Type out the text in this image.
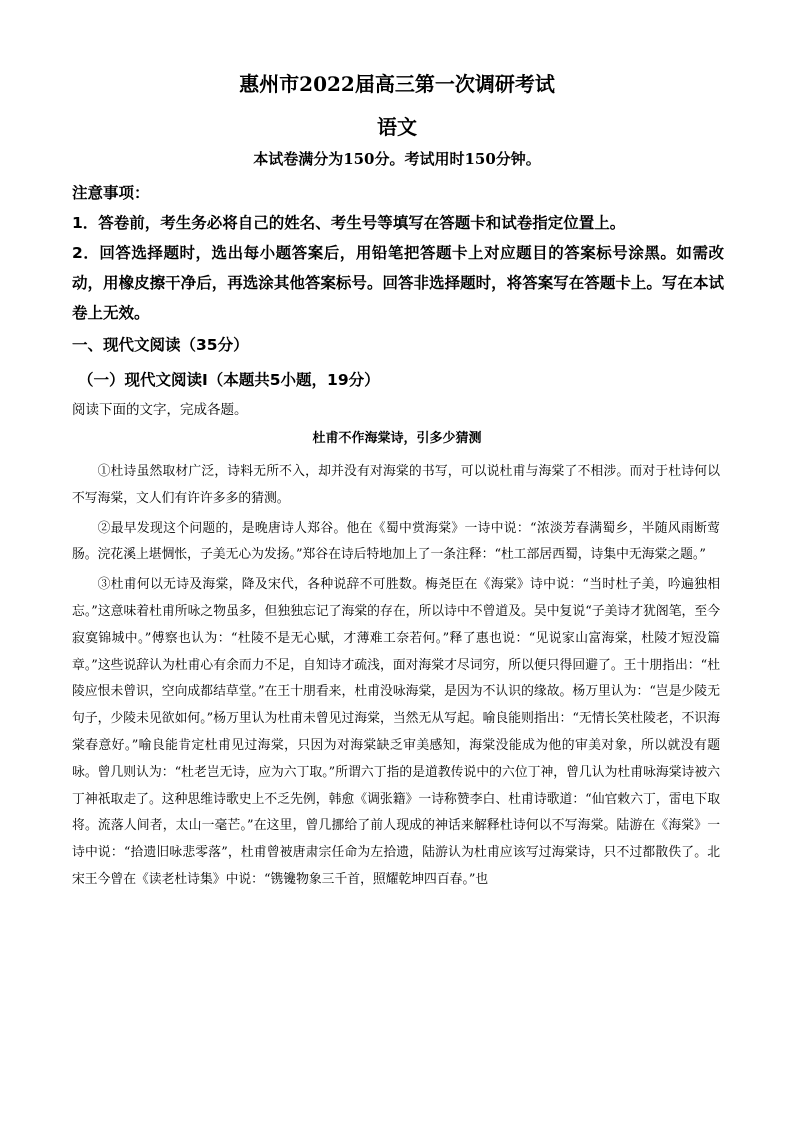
惠州市2022届高三第一次调研考试
语文
本试卷满分为150分。考试用时150分钟。
注意事项：
1．答卷前，考生务必将自己的姓名、考生号等填写在答题卡和试卷指定位置上。
2．回答选择题时，选出每小题答案后，用铅笔把答题卡上对应题目的答案标号涂黑。如需改动，用橡皮擦干净后，再选涂其他答案标号。回答非选择题时，将答案写在答题卡上。写在本试卷上无效。
一、现代文阅读（35分）
（一）现代文阅读Ⅰ（本题共5小题，19分）
阅读下面的文字，完成各题。
杜甫不作海棠诗，引多少猜测

①杜诗虽然取材广泛，诗料无所不入，却并没有对海棠的书写，可以说杜甫与海棠了不相涉。而对于杜诗何以不写海棠，文人们有许许多多的猜测。

②最早发现这个问题的，是晚唐诗人郑谷。他在《蜀中赏海棠》一诗中说：“浓淡芳春满蜀乡，半随风雨断莺肠。浣花溪上堪惆怅，子美无心为发扬。”郑谷在诗后特地加上了一条注释：“杜工部居西蜀，诗集中无海棠之题。”

③杜甫何以无诗及海棠，降及宋代，各种说辞不可胜数。梅尧臣在《海棠》诗中说：“当时杜子美，吟遍独相忘。”这意味着杜甫所咏之物虽多，但独独忘记了海棠的存在，所以诗中不曾道及。吴中复说“子美诗才犹阁笔，至今寂寞锦城中。”傅察也认为：“杜陵不是无心赋，才薄难工奈若何。”释了惠也说：“见说家山富海棠，杜陵才短没篇章。”这些说辞认为杜甫心有余而力不足，自知诗才疏浅，面对海棠才尽词穷，所以便只得回避了。王十朋指出：“杜陵应恨未曾识，空向成都结草堂。”在王十朋看来，杜甫没咏海棠，是因为不认识的缘故。杨万里认为：“岂是少陵无句子，少陵未见欲如何。”杨万里认为杜甫未曾见过海棠，当然无从写起。喻良能则指出：“无情长笑杜陵老，不识海棠春意好。”喻良能肯定杜甫见过海棠，只因为对海棠缺乏审美感知，海棠没能成为他的审美对象，所以就没有题咏。曾几则认为：“杜老岂无诗，应为六丁取。”所谓六丁指的是道教传说中的六位丁神，曾几认为杜甫咏海棠诗被六丁神祇取走了。这种思维诗歌史上不乏先例，韩愈《调张籍》一诗称赞李白、杜甫诗歌道：“仙官敕六丁，雷电下取将。流落人间者，太山一毫芒。”在这里，曾几挪给了前人现成的神话来解释杜诗何以不写海棠。陆游在《海棠》一诗中说：“拾遗旧咏悲零落”，杜甫曾被唐肃宗任命为左拾遗，陆游认为杜甫应该写过海棠诗，只不过都散佚了。北宋王今曾在《读老杜诗集》中说：“镌镵物象三千首，照耀乾坤四百春。”也
